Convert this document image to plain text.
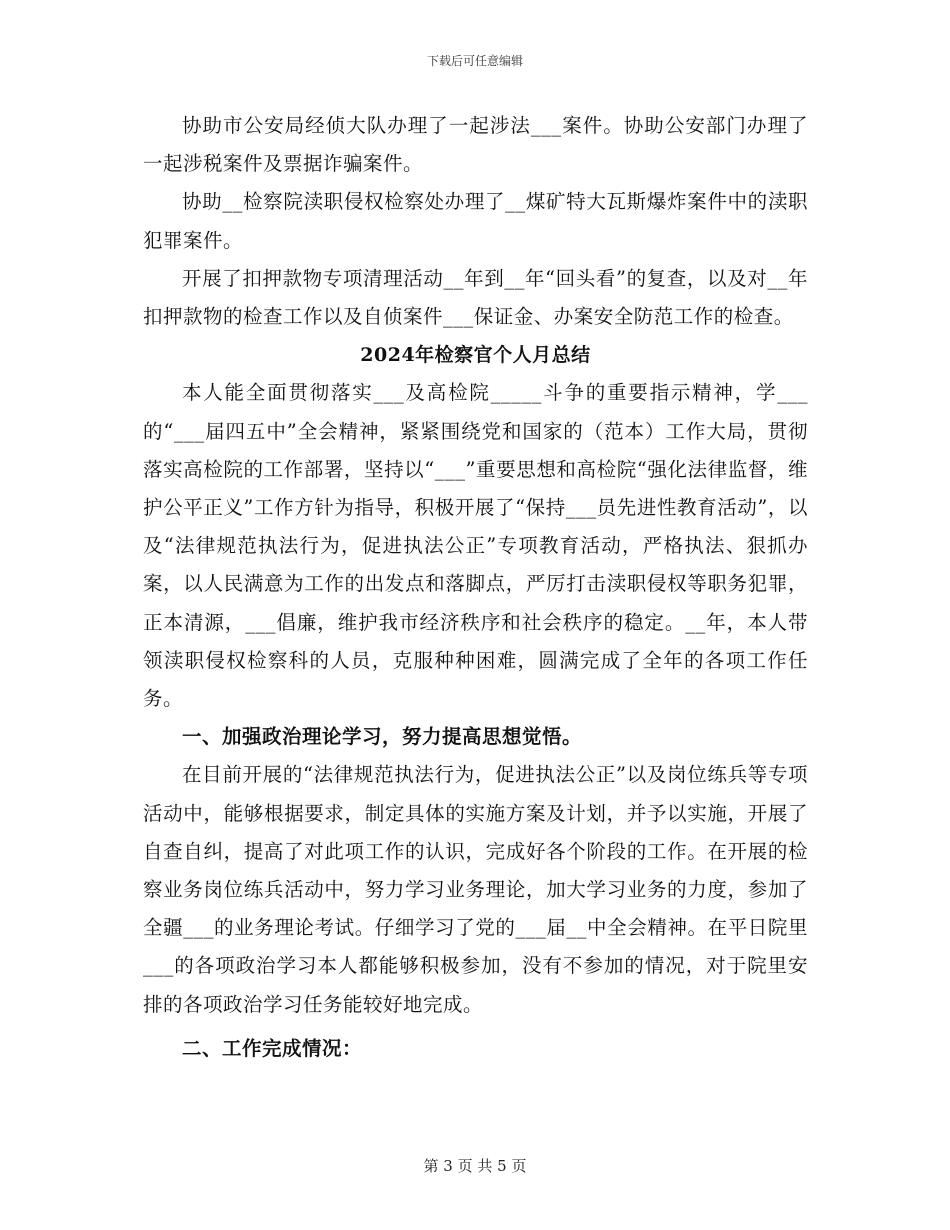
下载后可任意编辑

协助市公安局经侦大队办理了一起涉法___案件。协助公安部门办理了一起涉税案件及票据诈骗案件。

协助__检察院渎职侵权检察处办理了__煤矿特大瓦斯爆炸案件中的渎职犯罪案件。

开展了扣押款物专项清理活动__年到__年“回头看”的复查，以及对__年扣押款物的检查工作以及自侦案件___保证金、办案安全防范工作的检查。

2024年检察官个人月总结

本人能全面贯彻落实___及高检院_____斗争的重要指示精神，学___的“___届四五中”全会精神，紧紧围绕党和国家的（范本）工作大局，贯彻落实高检院的工作部署，坚持以“___”重要思想和高检院“强化法律监督，维护公平正义”工作方针为指导，积极开展了“保持___员先进性教育活动”，以及“法律规范执法行为，促进执法公正”专项教育活动，严格执法、狠抓办案，以人民满意为工作的出发点和落脚点，严厉打击渎职侵权等职务犯罪，正本清源，___倡廉，维护我市经济秩序和社会秩序的稳定。__年，本人带领渎职侵权检察科的人员，克服种种困难，圆满完成了全年的各项工作任务。

一、加强政治理论学习，努力提高思想觉悟。

在目前开展的“法律规范执法行为，促进执法公正”以及岗位练兵等专项活动中，能够根据要求，制定具体的实施方案及计划，并予以实施，开展了自查自纠，提高了对此项工作的认识，完成好各个阶段的工作。在开展的检察业务岗位练兵活动中，努力学习业务理论，加大学习业务的力度，参加了全疆___的业务理论考试。仔细学习了党的___届__中全会精神。在平日院里___的各项政治学习本人都能够积极参加，没有不参加的情况，对于院里安排的各项政治学习任务能较好地完成。

二、工作完成情况：

第 3 页 共 5 页
